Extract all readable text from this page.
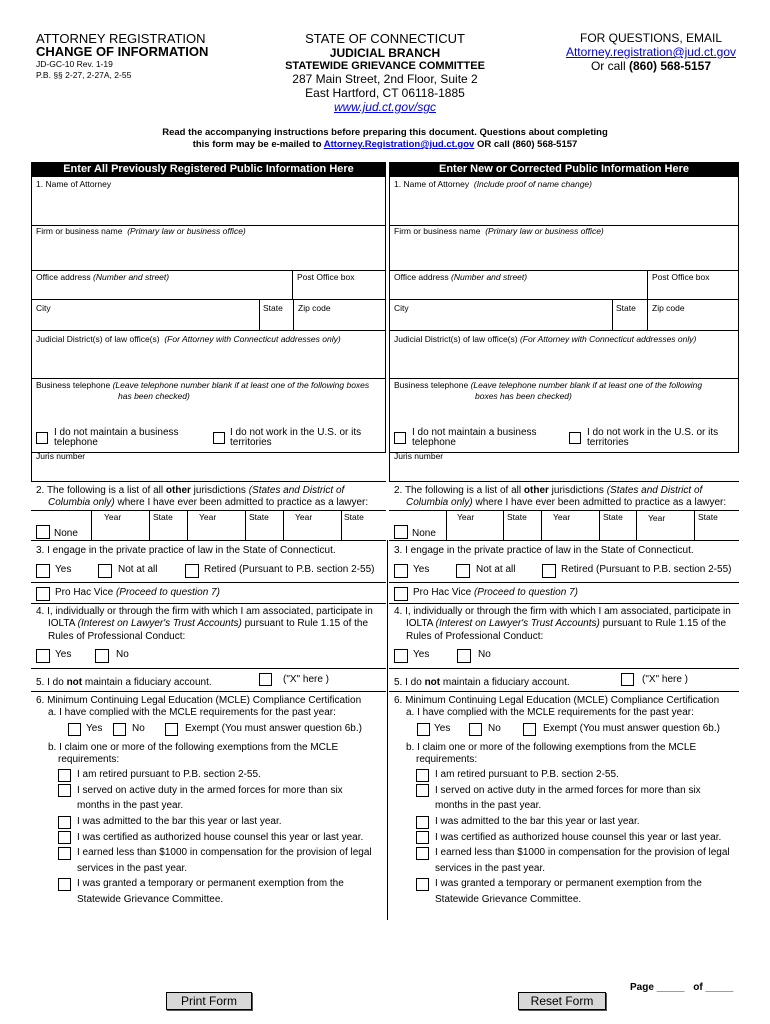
ATTORNEY REGISTRATION
CHANGE OF INFORMATION
JD-GC-10 Rev. 1-19
P.B. §§ 2-27, 2-27A, 2-55
STATE OF CONNECTICUT
JUDICIAL BRANCH
STATEWIDE GRIEVANCE COMMITTEE
287 Main Street, 2nd Floor, Suite 2
East Hartford, CT 06118-1885
www.jud.ct.gov/sgc
FOR QUESTIONS, EMAIL
Attorney.registration@jud.ct.gov
Or call (860) 568-5157
Read the accompanying instructions before preparing this document. Questions about completing
this form may be e-mailed to Attorney.Registration@jud.ct.gov OR call (860) 568-5157
Enter All Previously Registered Public Information Here	Enter New or Corrected Public Information Here
1. Name of Attorney
Firm or business name (Primary law or business office)
Office address (Number and street)	Post Office box
City	State Zip code
Judicial District(s) of law office(s) (For Attorney with Connecticut addresses only)
Business telephone (Leave telephone number blank if at least one of the following boxes
has been checked)
I do not maintain a business
telephone
I do not work in the U.S. or its
territories
Juris number
2. The following is a list of all other jurisdictions (States and District of
Columbia only) where I have ever been admitted to practice as a lawyer:
Year	State	Year	State	Year	State
None
3. I engage in the private practice of law in the State of Connecticut.
Yes	Not at all	Retired (Pursuant to P.B. section 2-55)
Pro Hac Vice (Proceed to question 7)
4. I, individually or through the firm with which I am associated, participate in
IOLTA (Interest on Lawyer's Trust Accounts) pursuant to Rule 1.15 of the
Rules of Professional Conduct:
Yes	No
5. I do not maintain a fiduciary account.	("X" here )
6. Minimum Continuing Legal Education (MCLE) Compliance Certification
a. I have complied with the MCLE requirements for the past year:
Yes	No	Exempt (You must answer question 6b.)
b. I claim one or more of the following exemptions from the MCLE
requirements:
I am retired pursuant to P.B. section 2-55.
I served on active duty in the armed forces for more than six
months in the past year.
I was admitted to the bar this year or last year.
I was certified as authorized house counsel this year or last year.
I earned less than $1000 in compensation for the provision of legal
services in the past year.
I was granted a temporary or permanent exemption from the
Statewide Grievance Committee.
1. Name of Attorney (Include proof of name change)
Firm or business name (Primary law or business office)
Office address (Number and street)	Post Office box
City	State Zip code
Judicial District(s) of law office(s) (For Attorney with Connecticut addresses only)
Business telephone (Leave telephone number blank if at least one of the following
boxes has been checked)
I do not maintain a business
telephone
I do not work in the U.S. or its
territories
Juris number
2. The following is a list of all other jurisdictions (States and District of
Columbia only) where I have ever been admitted to practice as a lawyer:
Year	State	Year	State	Year	State
None
3. I engage in the private practice of law in the State of Connecticut.
Yes	Not at all	Retired (Pursuant to P.B. section 2-55)
Pro Hac Vice (Proceed to question 7)
4. I, individually or through the firm with which I am associated, participate in
IOLTA (Interest on Lawyer's Trust Accounts) pursuant to Rule 1.15 of the
Rules of Professional Conduct:
Yes	No
5. I do not maintain a fiduciary account.	("X" here )
6. Minimum Continuing Legal Education (MCLE) Compliance Certification
a. I have complied with the MCLE requirements for the past year:
Yes	No	Exempt (You must answer question 6b.)
b. I claim one or more of the following exemptions from the MCLE
requirements:
I am retired pursuant to P.B. section 2-55.
I served on active duty in the armed forces for more than six
months in the past year.
I was admitted to the bar this year or last year.
I was certified as authorized house counsel this year or last year.
I earned less than $1000 in compensation for the provision of legal
services in the past year.
I was granted a temporary or permanent exemption from the
Statewide Grievance Committee.
Page _____ of _____
Print Form	Reset Form
